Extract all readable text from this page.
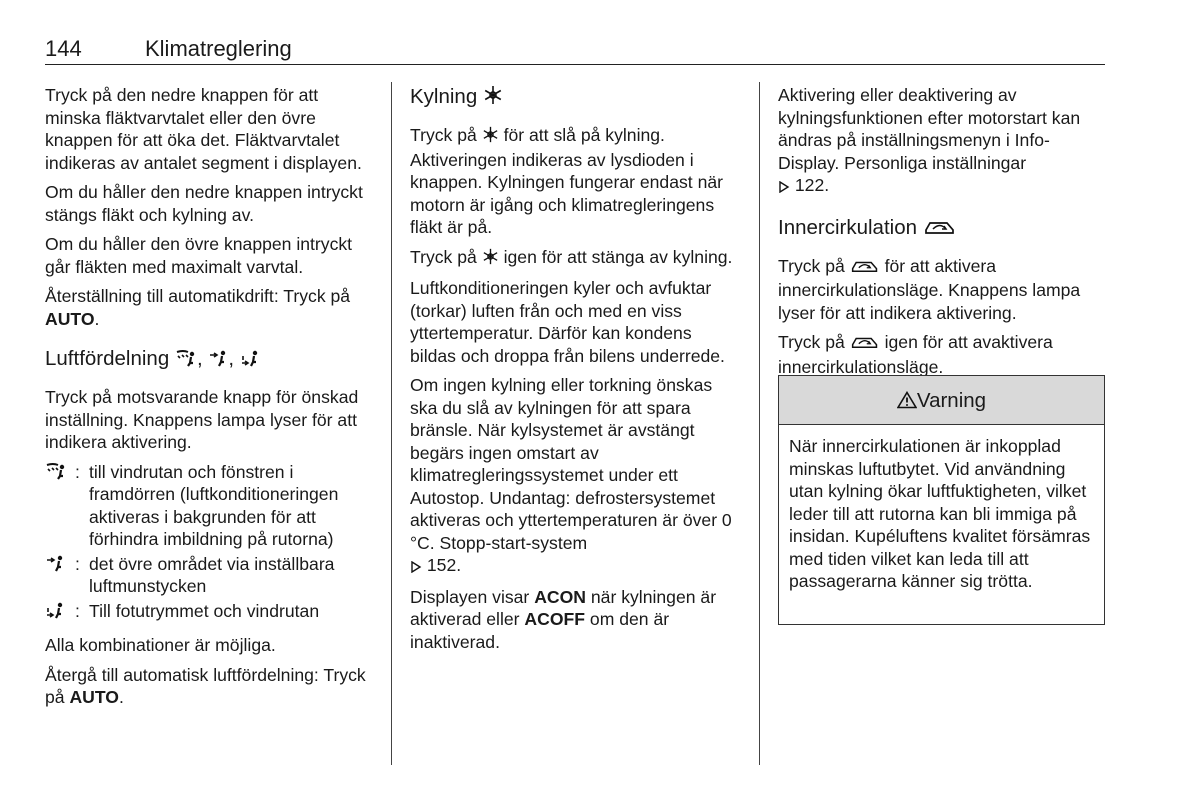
144	Klimatreglering

Tryck på den nedre knappen för att minska fläktvarvtalet eller den övre knappen för att öka det. Fläktvarvtalet indikeras av antalet segment i displayen.

Om du håller den nedre knappen intryckt stängs fläkt och kylning av.

Om du håller den övre knappen intryckt går fläkten med maximalt varvtal.

Återställning till automatikdrift: Tryck på AUTO.

Luftfördelning , ,

Tryck på motsvarande knapp för önskad inställning. Knappens lampa lyser för att indikera aktivering.

: till vindrutan och fönstren i framdörren (luftkonditioneringen aktiveras i bakgrunden för att förhindra imbildning på rutorna)
: det övre området via inställbara luftmunstycken
: Till fotutrymmet och vindrutan

Alla kombinationer är möjliga.

Återgå till automatisk luftfördelning: Tryck på AUTO.

Kylning

Tryck på  för att slå på kylning. Aktiveringen indikeras av lysdioden i knappen. Kylningen fungerar endast när motorn är igång och klimatregleringens fläkt är på.

Tryck på  igen för att stänga av kylning.

Luftkonditioneringen kyler och avfuktar (torkar) luften från och med en viss yttertemperatur. Därför kan kondens bildas och droppa från bilens underrede.

Om ingen kylning eller torkning önskas ska du slå av kylningen för att spara bränsle. När kylsystemet är avstängt begärs ingen omstart av klimatregleringssystemet under ett Autostop. Undantag: defrostersystemet aktiveras och yttertemperaturen är över 0 °C. Stopp-start-system
152.

Displayen visar ACON när kylningen är aktiverad eller ACOFF om den är inaktiverad.

Aktivering eller deaktivering av kylningsfunktionen efter motorstart kan ändras på inställningsmenyn i Info-Display. Personliga inställningar
122.

Innercirkulation

Tryck på  för att aktivera innercirkulationsläge. Knappens lampa lyser för att indikera aktivering.

Tryck på  igen för att avaktivera innercirkulationsläge.

Varning
När innercirkulationen är inkopplad minskas luftutbytet. Vid användning utan kylning ökar luftfuktigheten, vilket leder till att rutorna kan bli immiga på insidan. Kupéluftens kvalitet försämras med tiden vilket kan leda till att passagerarna känner sig trötta.
